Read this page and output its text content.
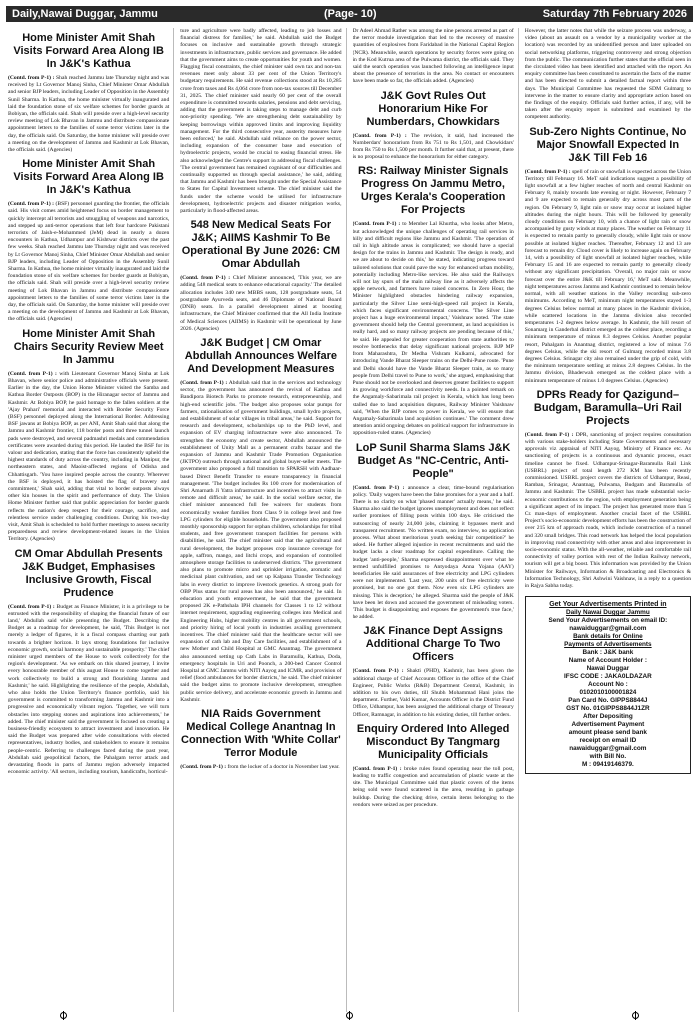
Daily,Nawai Duggar, Jammu	(Page- 10)	Saturday 7th February 2026
Home Minister Amit Shah Visits Forward Area Along IB In J&K's Kathua

(Contd. from P-1) : Shah reached Jammu late Thursday night and was received by Lt Governor Manoj Sinha, Chief Minister Omar Abdullah and senior BJP leaders, including Leader of Opposition in the Assembly Sunil Sharma. In Kathua, the home minister virtually inaugurated and laid the foundation stone of six welfare schemes for border guards at Bobiyan, the officials said. Shah will preside over a high-level security review meeting of Lok Bhavan in Jammu and distribute compassionate appointment letters to the families of some terror victims later in the day, the officials said. On Saturday, the home minister will preside over a meeting on the development of Jammu and Kashmir at Lok Bhavan, the officials said. (Agencies)

Home Minister Amit Shah Visits Forward Area Along IB In J&K's Kathua

(Contd. from P-1) : (BSF) personnel guarding the frontier, the officials said. His visit comes amid heightened focus on border management to quickly intercept all terrorists and smuggling of weapons and narcotics, and stepped up anti-terror operations that left four hardcore Pakistani terrorists of Jaish-e-Mohammed (JeM) dead in nearly a dozen encounters in Kathua, Udhampur and Kishtwar districts over the past few weeks. Shah reached Jammu late Thursday night and was received by Lt Governor Manoj Sinha, Chief Minister Omar Abdullah and senior BJP leaders, including Leader of Opposition in the Assembly Sunil Sharma. In Kathua, the home minister virtually inaugurated and laid the foundation stone of six welfare schemes for border guards at Bobiyan, the officials said. Shah will preside over a high-level security review meeting of Lok Bhavan in Jammu and distribute compassionate appointment letters to the families of some terror victims later in the day, the officials said. On Saturday, the home minister will preside over a meeting on the development of Jammu and Kashmir at Lok Bhavan, the officials said. (Agencies)

Home Minister Amit Shah Chairs Security Review Meet In Jammu

(Contd. from P-1) : with Lieutenant Governor Manoj Sinha at Lok Bhavan, where senior police and administrative officials were present. Earlier in the day, the Union Home Minister visited the Samba and Kathua Border Outposts (BOP) in the Hiranagar sector of Jammu and Kashmir. At Bobiya BOP, he paid homage to the fallen soldiers at the 'Ajay Prahari' memorial and interacted with Border Security Force (BSF) personnel deployed along the International Border. Addressing BSF jawans at Bobiya BOP, as per ANI, Amit Shah said that along the Jammu and Kashmir frontier, 118 border posts and three tunnel launch pads were destroyed, and several padmashri medals and commendation certificates were awarded during this period. He lauded the BSF for its valour and dedication, stating that the force has consistently upheld the highest standards of duty across the country, including in Manipur, the northeastern states, and Maoist-affected regions of Odisha and Chhattisgarh. 'You have inspired people across the country. Wherever the BSF is deployed, it has hoisted the flag of bravery and commitment,' Shah said, adding that vital to border outposts always other kin houses in the spirit and performance of duty. The Union Home Minister further said that public appreciation for border guards reflects the nation's deep respect for their courage, sacrifice, and relentless service under challenging conditions. During his two-day visit, Amit Shah is scheduled to hold further meetings to assess security preparedness and review development-related issues in the Union Territory. (Agencies)

CM Omar Abdullah Presents J&K Budget, Emphasises Inclusive Growth, Fiscal Prudence

(Contd. from P-1) : Budget as Finance Minister, it is a privilege to be entrusted with the responsibility of shaping the financial future of our land,' Abdullah said while presenting the Budget. Describing the Budget as a roadmap for development, he said, 'This Budget is not merely a ledger of figures, it is a fiscal compass charting our path towards a brighter horizon. It lays strong foundations for inclusive economic growth, social harmony and sustainable prosperity.' The chief minister urged members of the House to work collectively for the region's development. 'As we embark on this shared journey, I invite every honourable member of this august House to come together and work collectively to build a strong and flourishing Jammu and Kashmir,' he said. Highlighting the resilience of the people, Abdullah, who also holds the Union Territory's finance portfolio, said his government is committed to transforming Jammu and Kashmir into a progressive and economically vibrant region. 'Together, we will turn obstacles into stepping stones and aspirations into achievements,' he added. The chief minister said the government is focused on creating a business-friendly ecosystem to attract investment and innovation. He said the Budget was prepared after wide consultations with elected representatives, industry bodies, and stakeholders to ensure it remains people-centric. Referring to challenges faced during the past year, Abdullah said geopolitical factors, the Pahalgam terror attack and devastating floods in parts of Jammu region adversely impacted economic activity. 'All sectors, including tourism, handicrafts, horticul-

ture and agriculture were badly affected, leading to job losses and financial distress for families,' he said. Abdullah said the Budget focuses on inclusive and sustainable growth through strategic investments in infrastructure, public services and governance. He added that the government aims to create opportunities for youth and women. Flagging fiscal constraints, the chief minister said own tax and non-tax revenues meet only about 33 per cent of the Union Territory's budgetary requirements. He said revenue collections stood at Rs 10,285 crore from taxes and Rs 4,064 crore from non-tax sources till December 31, 2025. The chief minister said nearly 60 per cent of the overall expenditure is committed towards salaries, pensions and debt servicing, adding that the government is taking steps to manage debt and curb non-priority spending. 'We are strengthening debt sustainability by keeping borrowings within approved limits and improving liquidity management. For the third consecutive year, austerity measures have been enforced,' he said. Abdullah said reliance on the power sector, including expansion of the consumer base and execution of hydroelectric projects, would be crucial to easing financial stress. He also acknowledged the Centre's support in addressing fiscal challenges. 'The central government has remained cognisant of our difficulties and continually supported us through special assistance,' he said, adding that Jammu and Kashmir has been brought under the Special Assistance to States for Capital Investment scheme. The chief minister said the funds under the scheme would be utilised for infrastructure development, hydroelectric projects and disaster mitigation works, particularly in flood-affected areas.

548 New Medical Seats For J&K; AIIMS Kashmir To Be Operational By June 2026: CM Omar Abdullah

(Contd. from P-1) : Chief Minister announced, 'This year, we are adding 548 medical seats to enhance educational capacity.' The detailed allocation includes 340 new MBBS seats, 128 postgraduate seats, 54 postgraduate Ayurveda seats, and 46 Diplomate of National Board (DNB) seats. In a parallel development aimed at boosting infrastructure, the Chief Minister confirmed that the All India Institute of Medical Sciences (AIIMS) in Kashmir will be operational by June 2026. (Agencies)

J&K Budget | CM Omar Abdullah Announces Welfare And Development Measures

(Contd. from P-1) : Abdullah said that in the services and technology sector, the government has announced the revival of Kathua and Bandipora Biotech Parks to promote research, entrepreneurship, and high-end scientific jobs. 'The budget also proposes solar pumps for farmers, rationalisation of government buildings, small hydro projects, and establishment of solar villages in tribal areas,' he said. Support for research and development, scholarships up to the PhD level, and expansion of EV charging infrastructure were also announced. To strengthen the economy and create sector, Abdullah announced the establishment of Unity Mall as a permanent crafts bazaar and the expansion of Jammu and Kashmir Trade Promotion Organisation (JKTPO) outreach through national and global buyer-seller meets. The government also proposed a full transition to SPARSH with Aadhaar-based Direct Benefit Transfer to ensure transparency in financial management. 'The budget includes Rs 100 crore for modernisation of Shri Amarnath Ji Yatra infrastructure and incentives to attract visits in remote and difficult areas,' he said. In the social welfare sector, the chief minister announced full fee waivers for students from economically weaker families from Class 9 in college level and free LPG cylinders for eligible households. The government also proposed monthly sponsorship support for orphan children, scholarships for tribal students, and free government transport facilities for persons with disabilities, he said. The chief minister said that the agricultural and rural development, the budget proposes crop insurance coverage for apple, saffron, mango, and litchi crops, and expansion of controlled atmosphere storage facilities to underserved districts. 'The government also plans to promote micro and sprinkler irrigation, aromatic and medicinal plant cultivation, and set up Kalpana Transfer Technology labs in every district to improve livestock genetics. A strong push for OBP Plus status for rural areas has also been announced,' he said. In education and youth empowerment, he said that the government proposed 2K e-Pathshala IPH channels for Classes 1 to 12 without internet requirement, upgrading engineering colleges into Medical and Engineering Hubs, higher mobility centres in all government schools, and priority hiring of local youth in industries availing government incentives. The chief minister said that the healthcare sector will see expansion of cath lab and Day Care facilities, and establishment of a new Mother and Child Hospital at GMC Anantnag. The government also announced setting up Cath Labs in Baramulla, Kathua, Doda, emergency hospitals in Uri and Poonch, a 200-bed Cancer Control Hospital at GMC Jammu with NITI Aayog and ICMR, and provision of relief (food ambulances for border districts,' he said. The chief minister said the budget aims to promote inclusive development, strengthen public service delivery, and accelerate economic growth in Jammu and Kashmir.

NIA Raids Government Medical College Anantnag In Connection With 'White Collar' Terror Module

(Contd. from P-1) : from the locker of a doctor in November last year.

Dr Adeel Ahmad Rather was among the nine persons arrested as part of the terror module investigation that led to the recovery of massive quantities of explosives from Faridabad in the National Capital Region (NCR). Meanwhile, search operations by security forces were going on in the Kod Kutrua area of the Pulwama district, the officials said. They said the search operation was launched following an intelligence input about the presence of terrorists in the area. No contact or encounters have been made so far, the officials added. (Agencies)

J&K Govt Rules Out Honorarium Hike For Numberdars, Chowkidars

(Contd. from P-1) : The revision, it said, had increased the Numberdars' honorarium from Rs 751 to Rs 1,501, and Chowkidars' from Rs 750 to Rs 1,500 per month. It further said that, at present, there is no proposal to enhance the honorarium for either category.

RS: Railway Minister Signals Progress On Jammu Metro, Urges Kerala's Cooperation For Projects

(Contd. from P-1) : to Member Lal Khurtha, who looks after Metro, but acknowledged the unique challenges of operating rail services in hilly and difficult regions like Jammu and Kashmir. 'The operation of rail in high altitude areas is complicated; we should have a special design for the trains in Jammu and Kashmir. The design is ready, and we are about to decide on this,' he stated, indicating progress toward tailored solutions that could pave the way for enhanced urban mobility, potentially including Metro-like services. He also said the Railways will not lay spurs of the main railway line as it adversely affects the apple network, and farmers have raised concerns. In Zero Hour, the Minister highlighted obstacles hindering railway expansion, particularly the Silver Line semi-high-speed rail project in Kerala, which faces significant environmental concerns. 'The Silver Line project has a huge environmental impact,' Vaishnaw noted. 'The state government should help the Central government, as land acquisition is really hard, and so many railway projects are pending because of this,' he said. He appealed for greater cooperation from state authorities to resolve bottlenecks that delay significant national projects. BJP MP from Maharashtra, Dr Medha Vishram Kulkarni, advocated for introducing Vande Bharat Sleeper trains on the Delhi-Pune route. 'Pune and Delhi should have the Vande Bharat Sleeper train, as so many people from Delhi travel to Pune to work,' she argued, emphasising that Pune should not be overlooked and deserves greater facilities to support its growing workforce and connectivity needs. In a pointed remark on the Angamaly-Sabarimala rail project in Kerala, which has long been stalled due to land acquisition disputes, Railway Minister Vaishnaw said, 'When the BJP comes to power in Kerala, we will ensure that Angamaly-Sabarimala land acquisition continues.' The comment drew attention amid ongoing debates on political support for infrastructure in opposition-ruled states. (Agencies)

LoP Sunil Sharma Slams J&K Budget As "NC-Centric, Anti-People"

(Contd. from P-1) : announce a clear, time-bound regularisation policy. 'Daily wagers have been the false promises for a year and a half. There is no clarity on what 'phased manner' actually means,' he said. Sharma also said the budget ignores unemployment and does not reflect earlier promises of filling posts within 100 days. He criticised the outsourcing of nearly 24,000 jobs, claiming it bypasses merit and transparent recruitment. 'No written exam, no interview, no application process. What about meritorious youth seeking fair competition?' he asked. He further alleged injustice in recent recruitments and said the budget lacks a clear roadmap for capital expenditure. Calling the budget 'anti-people,' Sharma expressed disappointment over what he termed unfulfilled promises to Antyodaya Anna Yojana (AAY) beneficiaries He said assurances of free electricity and LPG cylinders were not implemented. 'Last year, 200 units of free electricity were promised, but no one got them. Now even six LPG cylinders are missing. This is deception,' he alleged. Sharma said the people of J&K have been let down and accused the government of misleading voters. 'This budget is disappointing and exposes the government's true face,' he added.

J&K Finance Dept Assigns Additional Charge To Two Officers

(Contd. from P-1) : Shakti (PHD), Kashmir, has been given the additional charge of Chief Accounts Officer in the office of the Chief Engineer, Public Works (R&B) Department Central, Kashmir, in addition to his own duties, till Shubh Mohammad Hani joins the department. Further, Vald Kumar, Accounts Officer in the District Fund Office, Udhampur, has been assigned the additional charge of Treasury Officer, Ramnagar, in addition to his existing duties, till further orders.

Enquiry Ordered Into Alleged Misconduct By Tangmarg Municipality Officials

(Contd. from P-1) : broke rules found operating near the toll post, leading to traffic congestion and accumulation of plastic waste at the site. The Municipal Committee said that plastic covers of the items being sold were found scattered in the area, resulting in garbage buildup. During the checking drive, certain items belonging to the vendors were seized as per procedure.

However, the latter notes that while the seizure process was underway, a video (about an assault on a vendor by a municipality worker at the location) was recorded by an unidentified person and later uploaded on social networking platforms, triggering controversy and strong objection from the public. The communication further states that the official seen in the circulated video has been identified and attached with the report. An enquiry committee has been constituted to ascertain the facts of the matter and has been directed to submit a detailed factual report within three days. The Municipal Committee has requested the SDM Gulmarg to intervene in the matter to ensure clarity and appropriate action based on the findings of the enquiry. Officials said further action, if any, will be taken after the enquiry report is submitted and examined by the competent authority.

Sub-Zero Nights Continue, No Major Snowfall Expected In J&K Till Feb 16

(Contd. from P-1) : spell of rain or snowfall is expected across the Union Territory till February 16. MeT said indications suggest a possibility of light snowfall at a few higher reaches of north and central Kashmir on February 8, mainly towards late evening or night. However, February 7 and 9 are expected to remain generally dry across most parts of the region. On February 9, light rain or snow may occur at isolated higher altitudes during the night hours. This will be followed by generally cloudy conditions on February 10, with a chance of light rain or snow accompanied by gusty winds at many places. The weather on February 11 is expected to remain partly to generally cloudy, while light rain or snow possible at isolated higher reaches. Thereafter, February 12 and 13 are forecast to remain dry. Cloud cover is likely to increase again on February 14, with a possibility of light snowfall at isolated higher reaches, while February 15 and 16 are expected to remain partly to generally cloudy without any significant precipitation. 'Overall, no major rain or snow forecast over the entire J&K till February 16,' MeT said. Meanwhile, night temperatures across Jammu and Kashmir continued to remain below normal, with all weather stations in the Valley recording sub-zero minimums. According to MeT, minimum night temperatures stayed 1-3 degrees Celsius below normal at many places in the Kashmir division, while scattered locations in the Jammu division also recorded temperatures 1-2 degrees below average. In Kashmir, the hill resort of Sonamarg in Ganderbal district emerged as the coldest place, recording a minimum temperature of minus 8.3 degrees Celsius. Another popular resort, Pahalgam in Anantnag district, registered a low of minus 7.6 degrees Celsius, while the ski resort of Gulmarg recorded minus 3.8 degrees Celsius. Srinagar city also remained under the grip of cold, with the minimum temperature settling at minus 2.8 degrees Celsius. In the Jammu division, Bhaderwah emerged as the coldest place with a minimum temperature of minus 1.0 degrees Celsius. (Agencies)

DPRs Ready for Qazigund–Budgam, Baramulla–Uri Rail Projects

(Contd. from P-1) : DPR, sanctioning of project requires consultation with various stake-holders including State Governments and necessary approvals viz appraisal of NITI Aayog, Ministry of Finance etc. As sanctioning of projects is a continuous and dynamic process, exact timeline cannot be fixed. Udhampur-Srinagar-Baramulla Rail Link (USBRL) project of total length 272 KM has been recently commissioned. USBRL project covers the districts of Udhampur, Reasi, Ramban, Srinagar, Anantnag, Pulwama, Budgam and Baramulla of Jammu and Kashmir. The USBRL project has made substantial socio-economic contributions to the region, with employment generation being a significant aspect of its impact. The project has generated more than 5 Cr. man-days of employment. Another crucial facet of the USBRL Project's socio-economic development efforts has been the construction of over 215 km of approach roads, which include construction of a tunnel and 320 small bridges. This road network has helped the local population in improving road connectivity with other areas and also improvement in socio-economic status. With the all-weather, reliable and comfortable rail connectivity of valley portion with rest of the Indian Railway network, tourism will get a big boost. This information was provided by the Union Minister for Railways, Information & Broadcasting and Electronics & Information Technology, Shri Ashwini Vaishnaw, in a reply to a question in Rajya Sabha today.

Get Your Advertisements Printed in
Daily Nawai Duggar Jammu
Send Your Advertisements on email ID:
nawaiduggar@gmail.com
Bank details for Online
Payments of Advertisements
Bank : J&K bank
Name of Account Holder :
Nawai Duggar
IFSC CODE : JAKA0LDAZAR
Account No :
0102010100001824
Pan Card No. GIPPS8844J
GST No. 01GIPPS8844J1ZR
After Depositing
Advertisement Payment
amount please send bank
receipt on email ID
nawaiduggar@gmail.com
with Bill No.
M : 09419146379.
